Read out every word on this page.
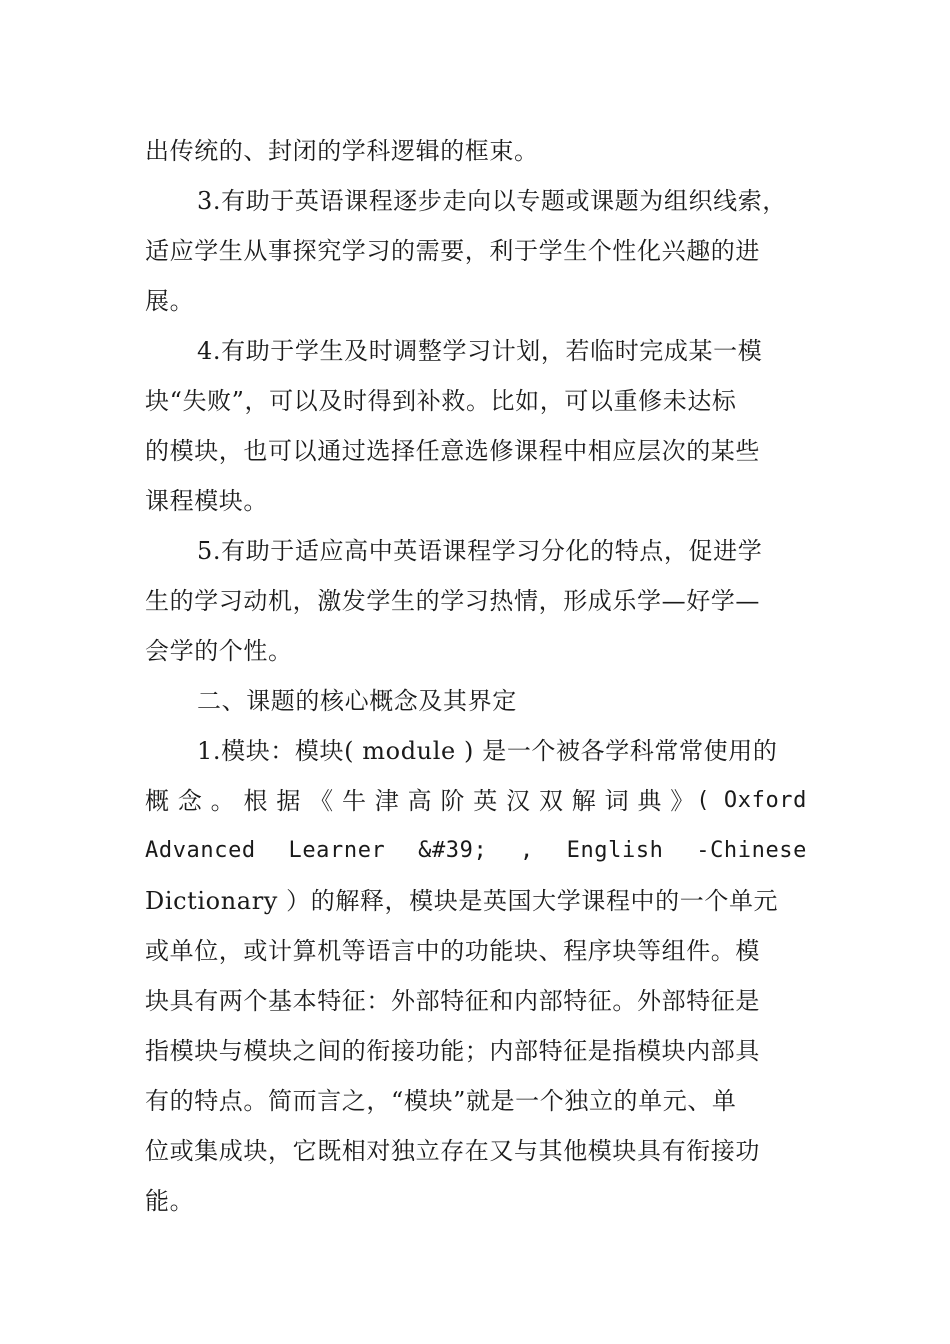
出传统的、封闭的学科逻辑的框束。
3.有助于英语课程逐步走向以专题或课题为组织线索，
适应学生从事探究学习的需要，利于学生个性化兴趣的进
展。
4.有助于学生及时调整学习计划，若临时完成某一模
块“失败”，可以及时得到补救。比如，可以重修未达标
的模块，也可以通过选择任意选修课程中相应层次的某些
课程模块。
5.有助于适应高中英语课程学习分化的特点，促进学
生的学习动机，激发学生的学习热情，形成乐学—好学—
会学的个性。
二、课题的核心概念及其界定
1.模块：模块( module ) 是一个被各学科常常使用的
概 念 。 根 据 《 牛 津 高 阶 英 汉 双 解 词 典 》 ( Oxford
Advanced Learner &#39; , English -Chinese
Dictionary ）的解释，模块是英国大学课程中的一个单元
或单位，或计算机等语言中的功能块、程序块等组件。模
块具有两个基本特征：外部特征和内部特征。外部特征是
指模块与模块之间的衔接功能；内部特征是指模块内部具
有的特点。简而言之，“模块”就是一个独立的单元、单
位或集成块，它既相对独立存在又与其他模块具有衔接功
能。
